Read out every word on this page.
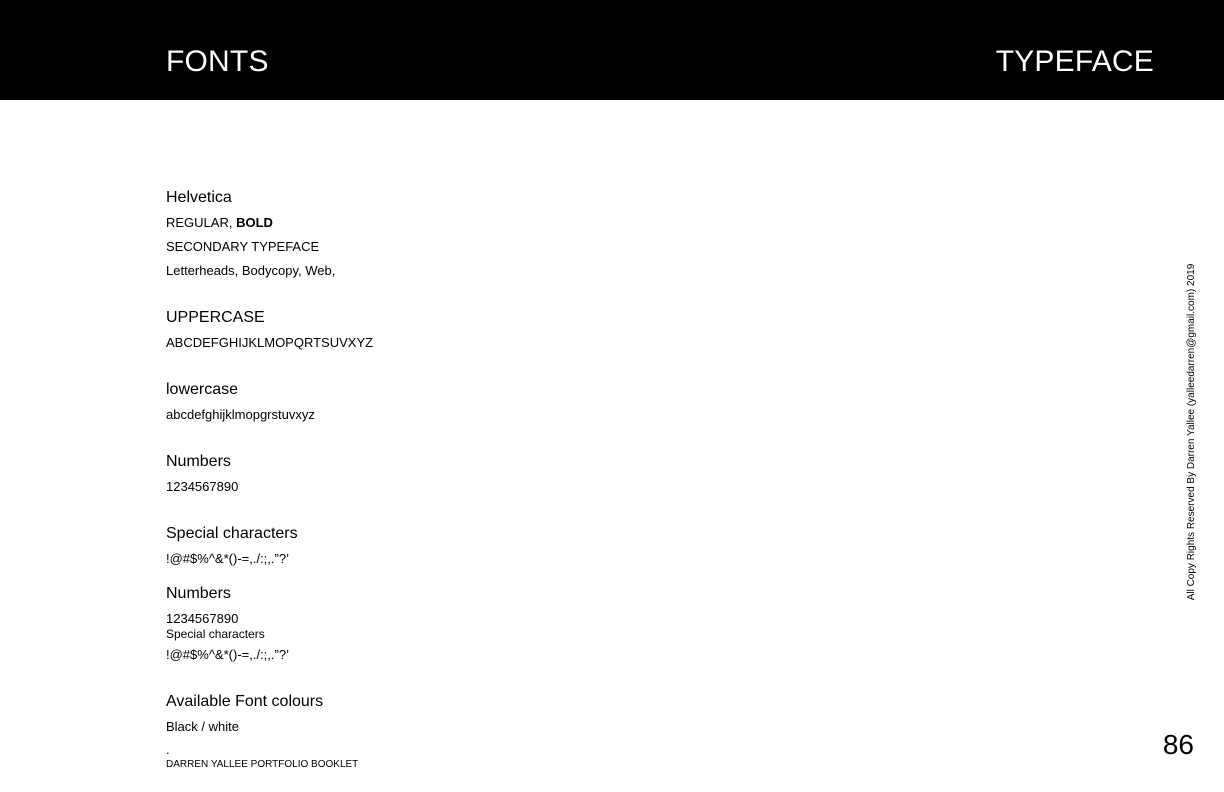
FONTS	TYPEFACE
Helvetica
REGULAR, BOLD
SECONDARY TYPEFACE
Letterheads, Bodycopy, Web,
UPPERCASE
ABCDEFGHIJKLMOPQRTSUVXYZ
lowercase
abcdefghijklmopgrstuvxyz
Numbers
1234567890
Special characters
!@#$%^&*()-=,./:;,.”?’
Numbers
1234567890
Special characters
!@#$%^&*()-=,./:;,.”?’
Available Font colours
Black / white
.
DARREN YALLEE PORTFOLIO BOOKLET
All Copy Rights Reserved By Darren Yallee (yalleedarren@gmail.com) 2019
86
